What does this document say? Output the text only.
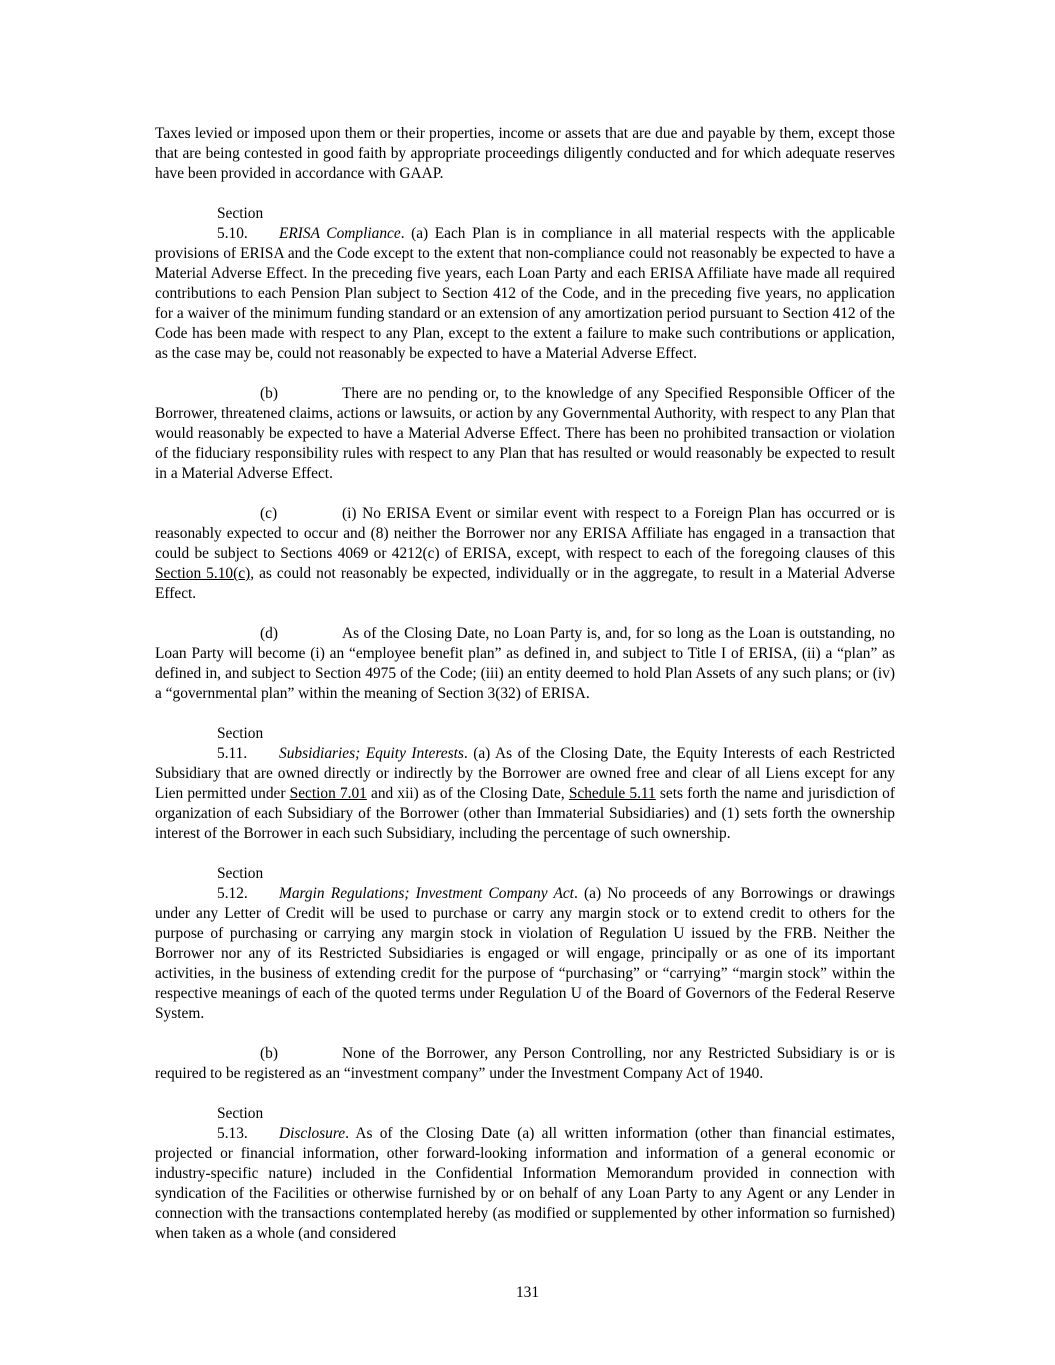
Taxes levied or imposed upon them or their properties, income or assets that are due and payable by them, except those that are being contested in good faith by appropriate proceedings diligently conducted and for which adequate reserves have been provided in accordance with GAAP.

Section 5.10. ERISA Compliance. (a) Each Plan is in compliance in all material respects with the applicable provisions of ERISA and the Code except to the extent that non-compliance could not reasonably be expected to have a Material Adverse Effect. In the preceding five years, each Loan Party and each ERISA Affiliate have made all required contributions to each Pension Plan subject to Section 412 of the Code, and in the preceding five years, no application for a waiver of the minimum funding standard or an extension of any amortization period pursuant to Section 412 of the Code has been made with respect to any Plan, except to the extent a failure to make such contributions or application, as the case may be, could not reasonably be expected to have a Material Adverse Effect.

(b)	There are no pending or, to the knowledge of any Specified Responsible Officer of the Borrower, threatened claims, actions or lawsuits, or action by any Governmental Authority, with respect to any Plan that would reasonably be expected to have a Material Adverse Effect. There has been no prohibited transaction or violation of the fiduciary responsibility rules with respect to any Plan that has resulted or would reasonably be expected to result in a Material Adverse Effect.

(c)	(i) No ERISA Event or similar event with respect to a Foreign Plan has occurred or is reasonably expected to occur and (8) neither the Borrower nor any ERISA Affiliate has engaged in a transaction that could be subject to Sections 4069 or 4212(c) of ERISA, except, with respect to each of the foregoing clauses of this Section 5.10(c), as could not reasonably be expected, individually or in the aggregate, to result in a Material Adverse Effect.

(d)	As of the Closing Date, no Loan Party is, and, for so long as the Loan is outstanding, no Loan Party will become (i) an “employee benefit plan” as defined in, and subject to Title I of ERISA, (ii) a “plan” as defined in, and subject to Section 4975 of the Code; (iii) an entity deemed to hold Plan Assets of any such plans; or (iv) a “governmental plan” within the meaning of Section 3(32) of ERISA.

Section 5.11. Subsidiaries; Equity Interests. (a) As of the Closing Date, the Equity Interests of each Restricted Subsidiary that are owned directly or indirectly by the Borrower are owned free and clear of all Liens except for any Lien permitted under Section 7.01 and xii) as of the Closing Date, Schedule 5.11 sets forth the name and jurisdiction of organization of each Subsidiary of the Borrower (other than Immaterial Subsidiaries) and (1) sets forth the ownership interest of the Borrower in each such Subsidiary, including the percentage of such ownership.

Section 5.12. Margin Regulations; Investment Company Act. (a) No proceeds of any Borrowings or drawings under any Letter of Credit will be used to purchase or carry any margin stock or to extend credit to others for the purpose of purchasing or carrying any margin stock in violation of Regulation U issued by the FRB. Neither the Borrower nor any of its Restricted Subsidiaries is engaged or will engage, principally or as one of its important activities, in the business of extending credit for the purpose of “purchasing” or “carrying” “margin stock” within the respective meanings of each of the quoted terms under Regulation U of the Board of Governors of the Federal Reserve System.

(b)	None of the Borrower, any Person Controlling, nor any Restricted Subsidiary is or is required to be registered as an “investment company” under the Investment Company Act of 1940.

Section 5.13. Disclosure. As of the Closing Date (a) all written information (other than financial estimates, projected or financial information, other forward-looking information and information of a general economic or industry-specific nature) included in the Confidential Information Memorandum provided in connection with syndication of the Facilities or otherwise furnished by or on behalf of any Loan Party to any Agent or any Lender in connection with the transactions contemplated hereby (as modified or supplemented by other information so furnished) when taken as a whole (and considered

131
